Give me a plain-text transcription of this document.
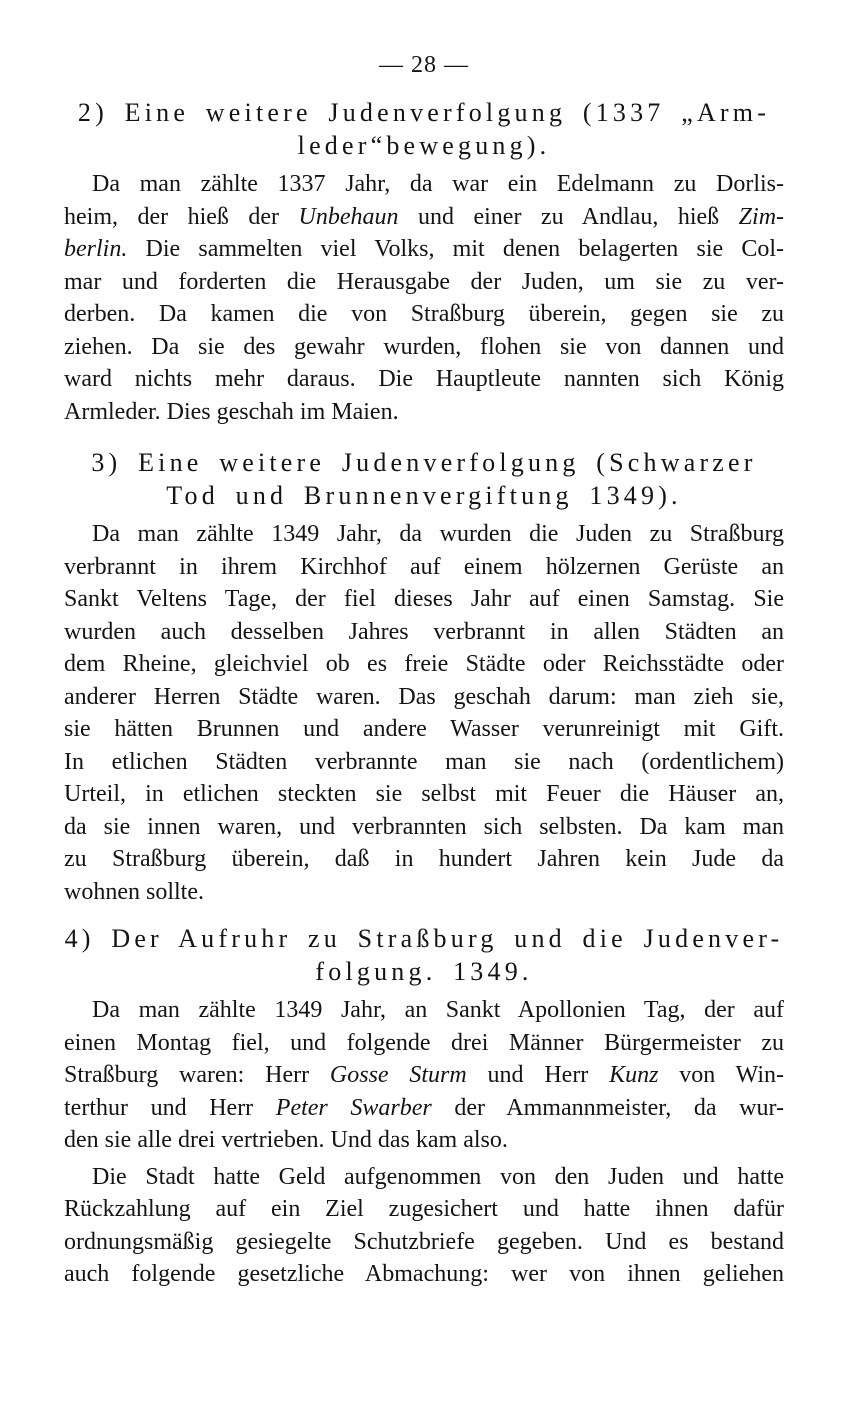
— 28 —
2) Eine weitere Judenverfolgung (1337 „Arm-
leder“bewegung).

Da man zählte 1337 Jahr, da war ein Edelmann zu Dorlis-
heim, der hieß der Unbehaun und einer zu Andlau, hieß Zim-
berlin. Die sammelten viel Volks, mit denen belagerten sie Col-
mar und forderten die Herausgabe der Juden, um sie zu ver-
derben. Da kamen die von Straßburg überein, gegen sie zu
ziehen. Da sie des gewahr wurden, flohen sie von dannen und
ward nichts mehr daraus. Die Hauptleute nannten sich König
Armleder. Dies geschah im Maien.

3) Eine weitere Judenverfolgung (Schwarzer
Tod und Brunnenvergiftung 1349).

Da man zählte 1349 Jahr, da wurden die Juden zu Straßburg
verbrannt in ihrem Kirchhof auf einem hölzernen Gerüste an
Sankt Veltens Tage, der fiel dieses Jahr auf einen Samstag. Sie
wurden auch desselben Jahres verbrannt in allen Städten an
dem Rheine, gleichviel ob es freie Städte oder Reichsstädte oder
anderer Herren Städte waren. Das geschah darum: man zieh sie,
sie hätten Brunnen und andere Wasser verunreinigt mit Gift.
In etlichen Städten verbrannte man sie nach (ordentlichem)
Urteil, in etlichen steckten sie selbst mit Feuer die Häuser an,
da sie innen waren, und verbrannten sich selbsten. Da kam man
zu Straßburg überein, daß in hundert Jahren kein Jude da
wohnen sollte.

4) Der Aufruhr zu Straßburg und die Judenver-
folgung. 1349.

Da man zählte 1349 Jahr, an Sankt Apollonien Tag, der auf
einen Montag fiel, und folgende drei Männer Bürgermeister zu
Straßburg waren: Herr Gosse Sturm und Herr Kunz von Win-
terthur und Herr Peter Swarber der Ammannmeister, da wur-
den sie alle drei vertrieben. Und das kam also.

Die Stadt hatte Geld aufgenommen von den Juden und hatte
Rückzahlung auf ein Ziel zugesichert und hatte ihnen dafür
ordnungsmäßig gesiegelte Schutzbriefe gegeben. Und es bestand
auch folgende gesetzliche Abmachung: wer von ihnen geliehen
